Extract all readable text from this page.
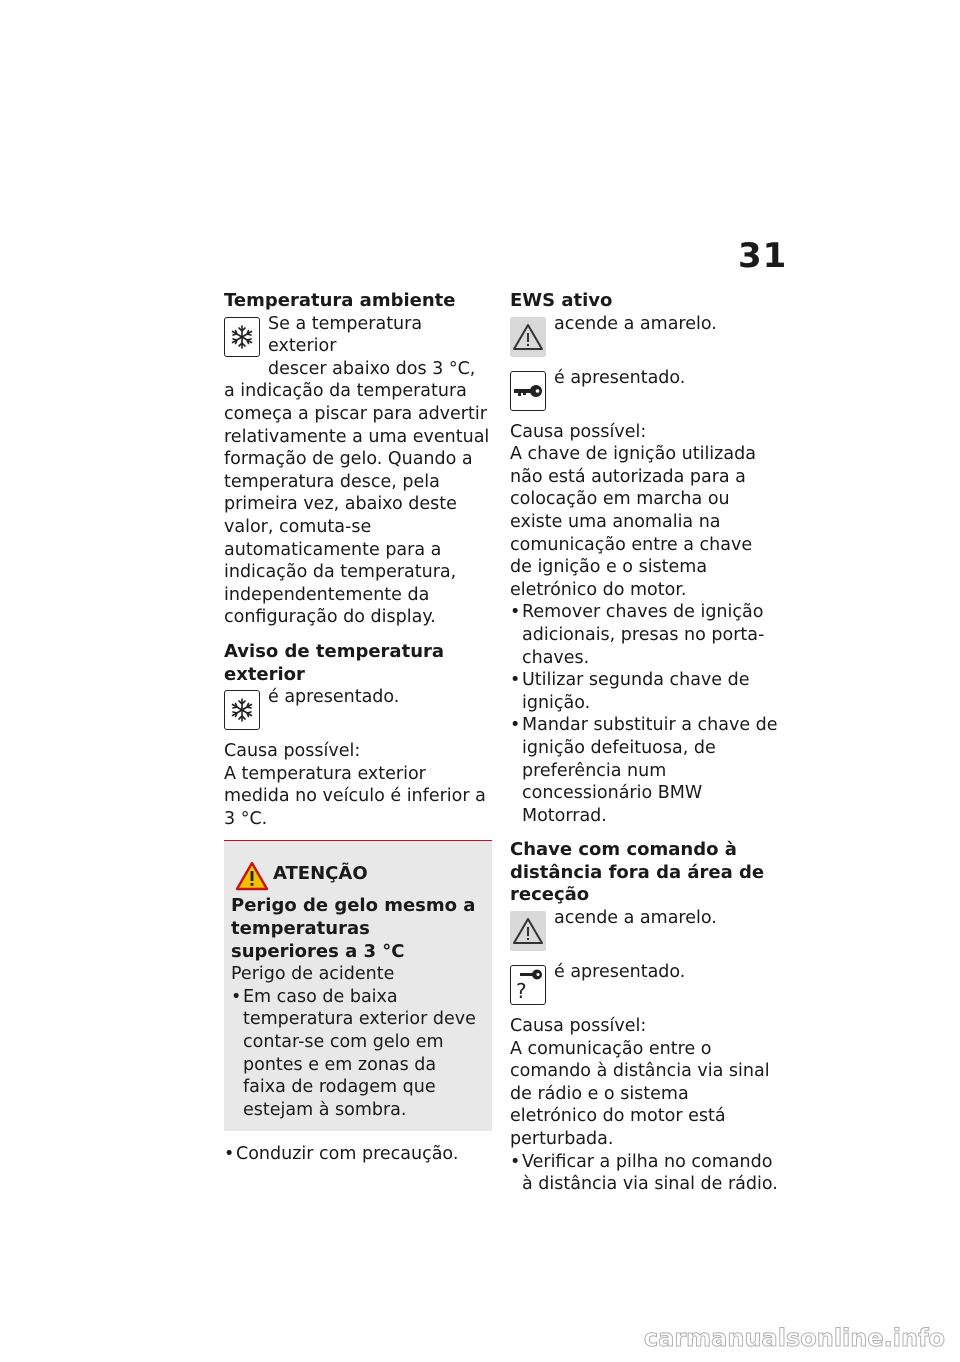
31

Temperatura ambiente

Se a temperatura exterior

descer abaixo dos 3 °C,

a indicação da temperatura começa a piscar para advertir relativamente a uma eventual formação de gelo. Quando a temperatura desce, pela primeira vez, abaixo deste valor, comuta-se automaticamente para a indicação da temperatura, independentemente da configuração do display.

Aviso de temperatura exterior

é apresentado.

Causa possível:

A temperatura exterior medida no veículo é inferior a 3 °C.

ATENÇÃO

Perigo de gelo mesmo a temperaturas superiores a 3 °C

Perigo de acidente

• Em caso de baixa temperatura exterior deve contar-se com gelo em pontes e em zonas da faixa de rodagem que estejam à sombra.
• Conduzir com precaução.

EWS ativo

acende a amarelo.

é apresentado.

Causa possível:

A chave de ignição utilizada não está autorizada para a colocação em marcha ou existe uma anomalia na comunicação entre a chave de ignição e o sistema eletrónico do motor.

• Remover chaves de ignição adicionais, presas no porta-chaves.
• Utilizar segunda chave de ignição.
• Mandar substituir a chave de ignição defeituosa, de preferência num concessionário BMW Motorrad.

Chave com comando à distância fora da área de receção

acende a amarelo.

?

é apresentado.

Causa possível:

A comunicação entre o comando à distância via sinal de rádio e o sistema eletrónico do motor está perturbada.

• Verificar a pilha no comando à distância via sinal de rádio.
carmanualsonline.info
